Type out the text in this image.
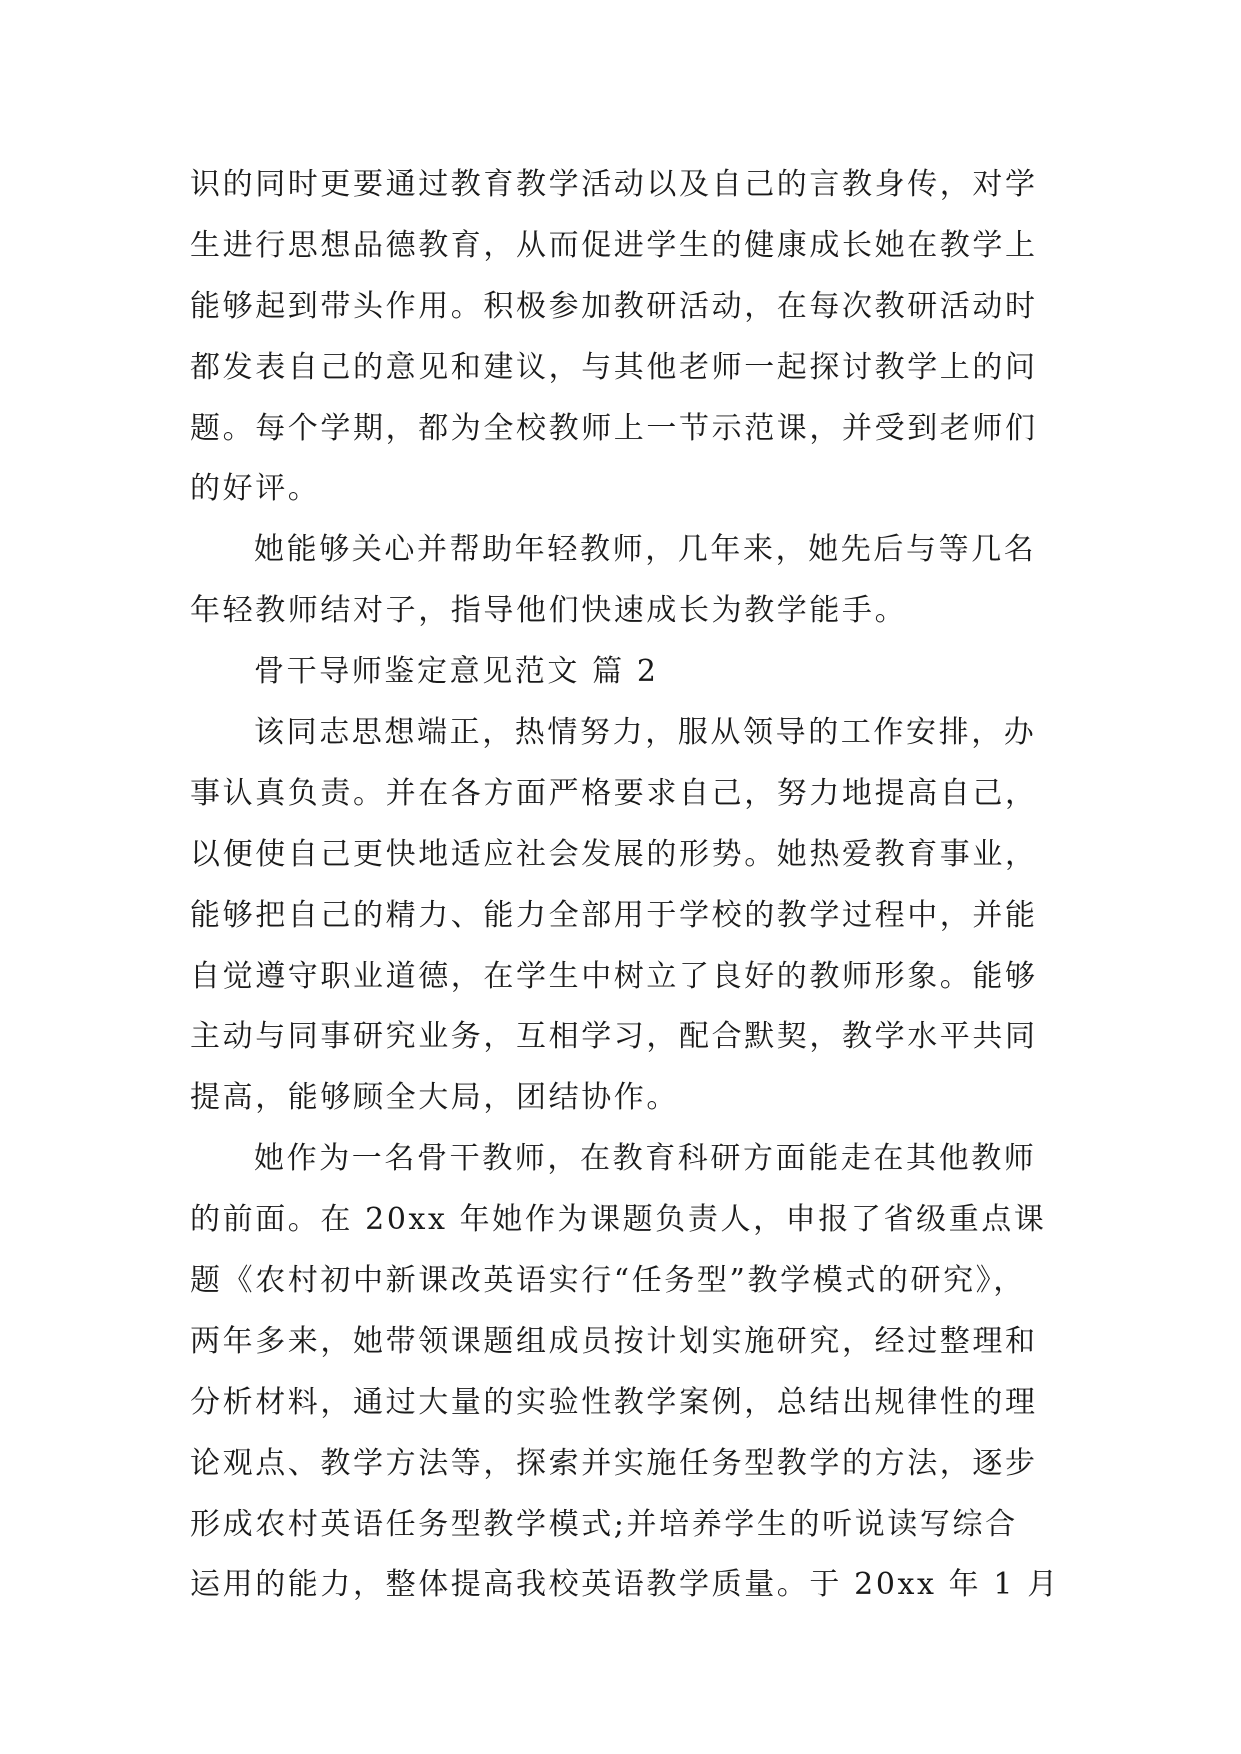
识的同时更要通过教育教学活动以及自己的言教身传，对学
生进行思想品德教育，从而促进学生的健康成长她在教学上
能够起到带头作用。积极参加教研活动，在每次教研活动时
都发表自己的意见和建议，与其他老师一起探讨教学上的问
题。每个学期，都为全校教师上一节示范课，并受到老师们
的好评。
她能够关心并帮助年轻教师，几年来，她先后与等几名
年轻教师结对子，指导他们快速成长为教学能手。
骨干导师鉴定意见范文 篇 2
该同志思想端正，热情努力，服从领导的工作安排，办
事认真负责。并在各方面严格要求自己，努力地提高自己，
以便使自己更快地适应社会发展的形势。她热爱教育事业，
能够把自己的精力、能力全部用于学校的教学过程中，并能
自觉遵守职业道德，在学生中树立了良好的教师形象。能够
主动与同事研究业务，互相学习，配合默契，教学水平共同
提高，能够顾全大局，团结协作。
她作为一名骨干教师，在教育科研方面能走在其他教师
的前面。在 20xx 年她作为课题负责人，申报了省级重点课
题《农村初中新课改英语实行“任务型”教学模式的研究》，
两年多来，她带领课题组成员按计划实施研究，经过整理和
分析材料，通过大量的实验性教学案例，总结出规律性的理
论观点、教学方法等，探索并实施任务型教学的方法，逐步
形成农村英语任务型教学模式;并培养学生的听说读写综合
运用的能力，整体提高我校英语教学质量。于 20xx 年 1 月
